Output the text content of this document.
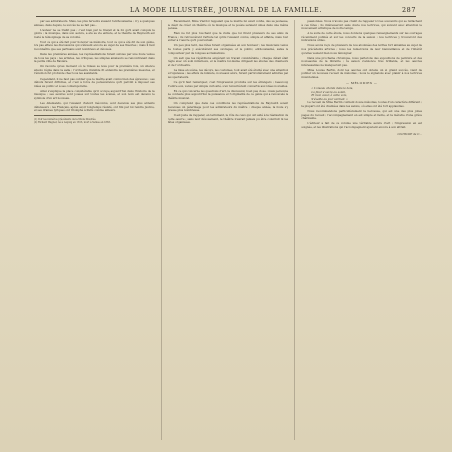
LA MODE ILLUSTRÉE, JOURNAL DE LA FAMILLE.	287

par ses admirateurs. Mais, les plus fervents avaient l'enthousiasme ; il y a quelques années, dans depuis, le succès ne se fait pas...

L'auteur ne se trahit pas ; c'est bien par le travail et la foi qu'il avait conquis la gloire ; la musique, dans son œuvre, a été sa vie entière, et le théâtre de Bayreuth est resté le témoignage de sa volonté.

Tout ce qui a été fait pour honorer sa mémoire, tout ce qui a été dit de son génie, n'a pas effacé les discussions qui s'élèvent encore au sujet de ses théories ; mais il faut reconnaître que ses partisans sont nombreux et dévoués.

Dans les premières années, les représentations furent suivies par une foule venue de tous les pays ; les artistes, les critiques, les simples amateurs se rencontraient dans la petite ville de Bavière.

On raconte qu'au moment où le rideau se leva pour la première fois, un silence absolu régna dans la salle ; l'orchestre invisible fit entendre les premières mesures, et l'émotion fut profonde chez tous les assistants.

Cependant, il ne faut pas oublier que le maître avait connu bien des épreuves ; ses débuts furent difficiles, et c'est à force de persévérance qu'il parvint à imposer ses idées au public et à ses contemporains.

Ainsi s'explique la place considérable qu'il occupe aujourd'hui dans l'histoire de la musique ; ses œuvres sont jouées sur toutes les scènes, et son nom est devenu le symbole d'un art nouveau.

Les Allemands, qui l'avaient d'abord méconnu, sont devenus ses plus ardents défenseurs ; les Français, après avoir longtemps résisté, ont fini par lui rendre justice, et ses drames lyriques ont triomphé à Paris comme ailleurs.

(1) Voir les numéros précédents de la Mode Illustrée.
(2) Richard Wagner, né à Leipzig en 1813, mort à Venise en 1883.

Récemment, Mme Viardot rappelait que le maître lui avait confié, dès sa jeunesse, le désir de créer un théâtre où la musique et la poésie seraient unies dans une même pensée.

Rien ne fut plus touchant que la visite que lui firent plusieurs de ses amis de France ; ils retrouvèrent l'artiste tel qu'ils l'avaient connu, simple et affable, mais tout entier à l'œuvre qu'il poursuivait.

Un peu plus tard, des fêtes furent organisées en son honneur ; les musiciens venus de toutes parts y exécutèrent ses ouvrages, et le public, enthousiasmé, salua le compositeur par de longues acclamations.

On sait que les répétitions exigèrent un travail considérable ; chaque détail était réglé avec un soin minutieux, et le maître lui-même dirigeait les études des chanteurs et de l'orchestre.

La mise en scène, les décors, les costumes, tout avait été étudié avec une attention scrupuleuse ; les effets de lumière, nouveaux alors, furent particulièrement admirés par les spectateurs.

Ce qu'il faut remarquer, c'est l'impression produite sur les étrangers ; beaucoup d'entre eux, venus par simple curiosité, s'en retournèrent convertis aux idées nouvelles.

En ce qui concerne les questions d'art, la discussion n'est pas close ; mais personne ne conteste plus aujourd'hui la puissance et l'originalité de ce génie qui a renouvelé le théâtre musical.

On comprend que dans ces conditions les représentations de Bayreuth soient devenues un pèlerinage pour les admirateurs du maître ; chaque année, la foule s'y presse plus nombreuse.

Il est juste de rappeler, en terminant, le rôle de ceux qui ont aidé à la réalisation de cette œuvre ; sans leur dévouement, le théâtre n'aurait jamais pu être construit ni les fêtes organisées.

passionnés. Nous n'avons pas craint de rappeler ici les souvenirs qui se rattachent à ces fêtes ; ils intéresseront sans doute nos lectrices, qui suivent avec attention le mouvement artistique de notre temps.

A la suite de cette étude, nous donnons quelques renseignements sur les ouvrages récemment publiés et sur les concerts de la saison ; nos lectrices y trouveront des indications utiles.

Nous avons reçu de plusieurs de nos abonnées des lettres fort aimables au sujet de nos précédents articles ; nous les remercions de leur bienveillance et de l'intérêt qu'elles veulent bien nous témoigner.

Dans une prochaine chronique, nous parlerons des expositions de peinture et des nouveautés de la librairie ; la saison s'annonce très brillante, et les œuvres intéressantes ne manqueront pas.

Mme Louise Bertin, dont les œuvres ont obtenu un si grand succès, vient de publier un nouveau recueil de mélodies ; nous le signalons avec plaisir à nos lectrices musiciennes.

— MÉLODIES —
« L'oiseau chante dans le bois,
La fleur s'ouvre au soleil,
Et mon cœur, à cette voix,
S'éveille au jour vermeil. »

Le recueil de Mme Bertin contient douze mélodies, toutes d'un caractère différent ; la plupart ont été chantées dans les salons, où elles ont été fort applaudies.

Nous recommandons particulièrement la berceuse, qui est une des plus jolies pages du recueil ; l'accompagnement en est simple et facile, et la mélodie d'une grâce charmante.

L'éditeur a fait de ce volume une véritable œuvre d'art ; l'impression en est soignée, et les illustrations qui l'accompagnent ajoutent encore à son attrait.

CLOTILDE de C…
